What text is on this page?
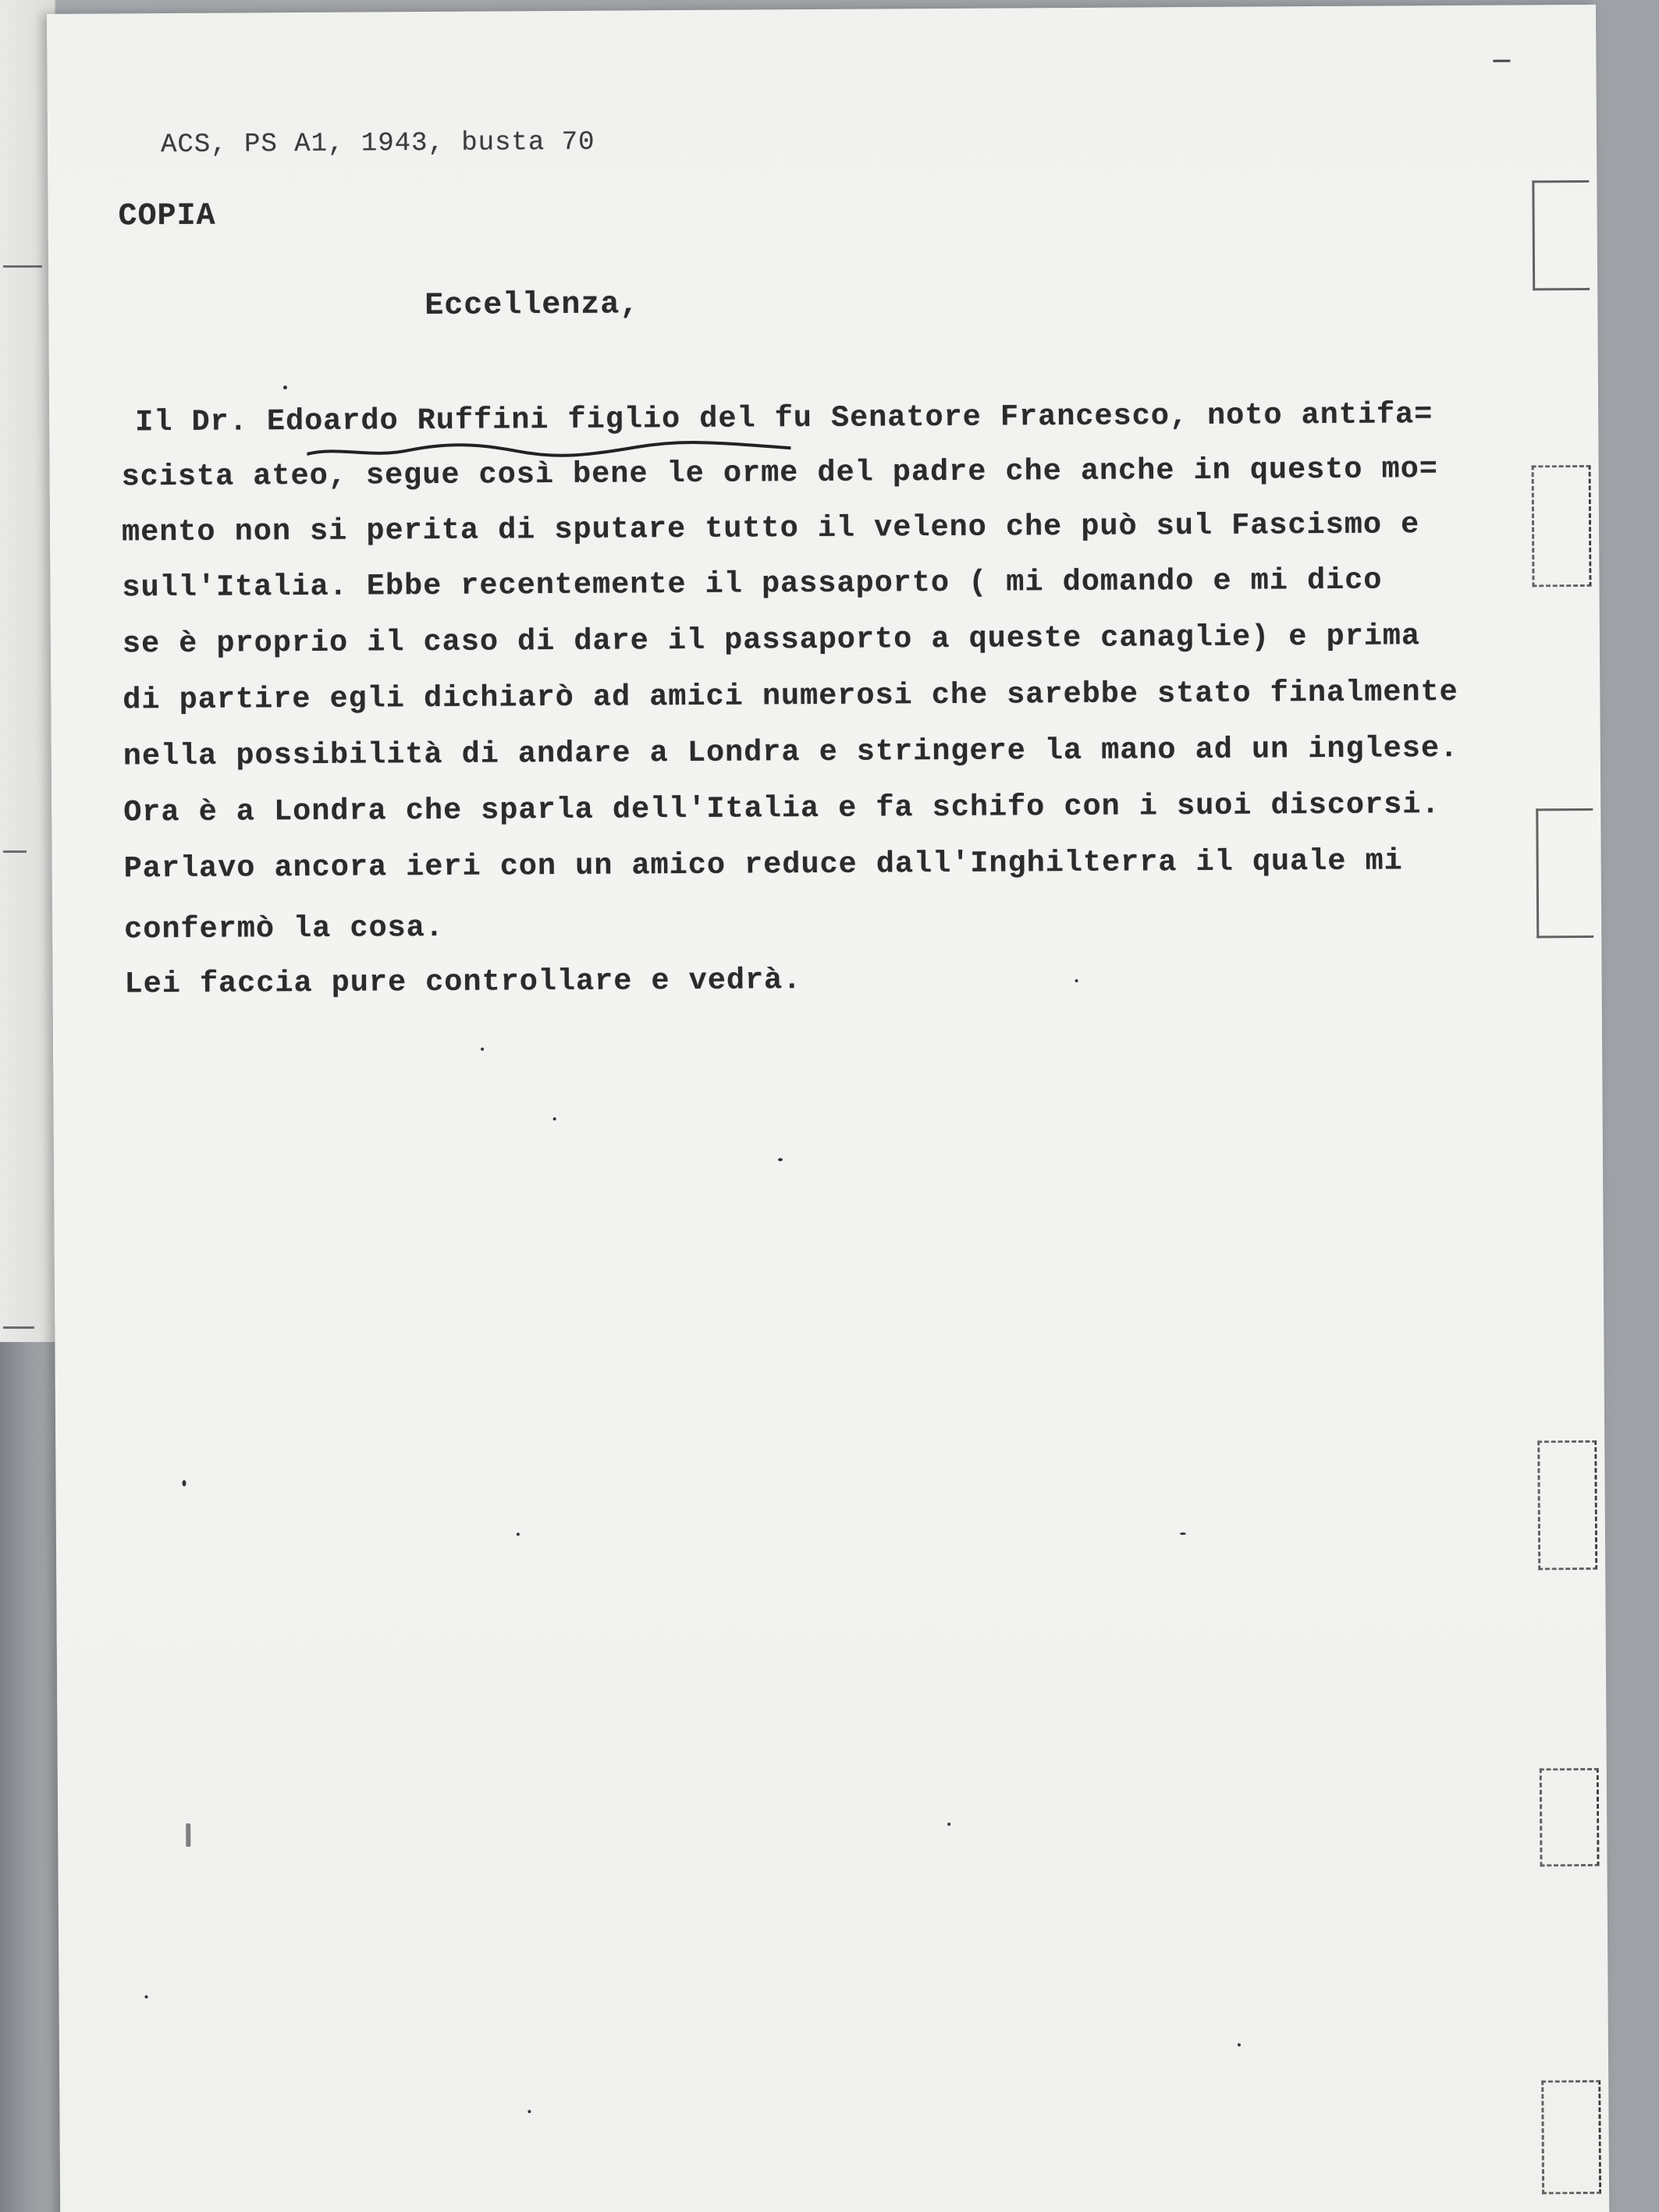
ACS, PS A1, 1943, busta 70
COPIA
Eccellenza,
Il Dr. Edoardo Ruffini figlio del fu Senatore Francesco, noto antifa=
scista ateo, segue così bene le orme del padre che anche in questo mo=
mento non si perita di sputare tutto il veleno che può sul Fascismo e
sull'Italia. Ebbe recentemente il passaporto ( mi domando e mi dico
se è proprio il caso di dare il passaporto a queste canaglie) e prima
di partire egli dichiarò ad amici numerosi che sarebbe stato finalmente
nella possibilità di andare a Londra e stringere la mano ad un inglese.
Ora è a Londra che sparla dell'Italia e fa schifo con i suoi discorsi.
Parlavo ancora ieri con un amico reduce dall'Inghilterra il quale mi
confermò la cosa.
Lei faccia pure controllare e vedrà.
